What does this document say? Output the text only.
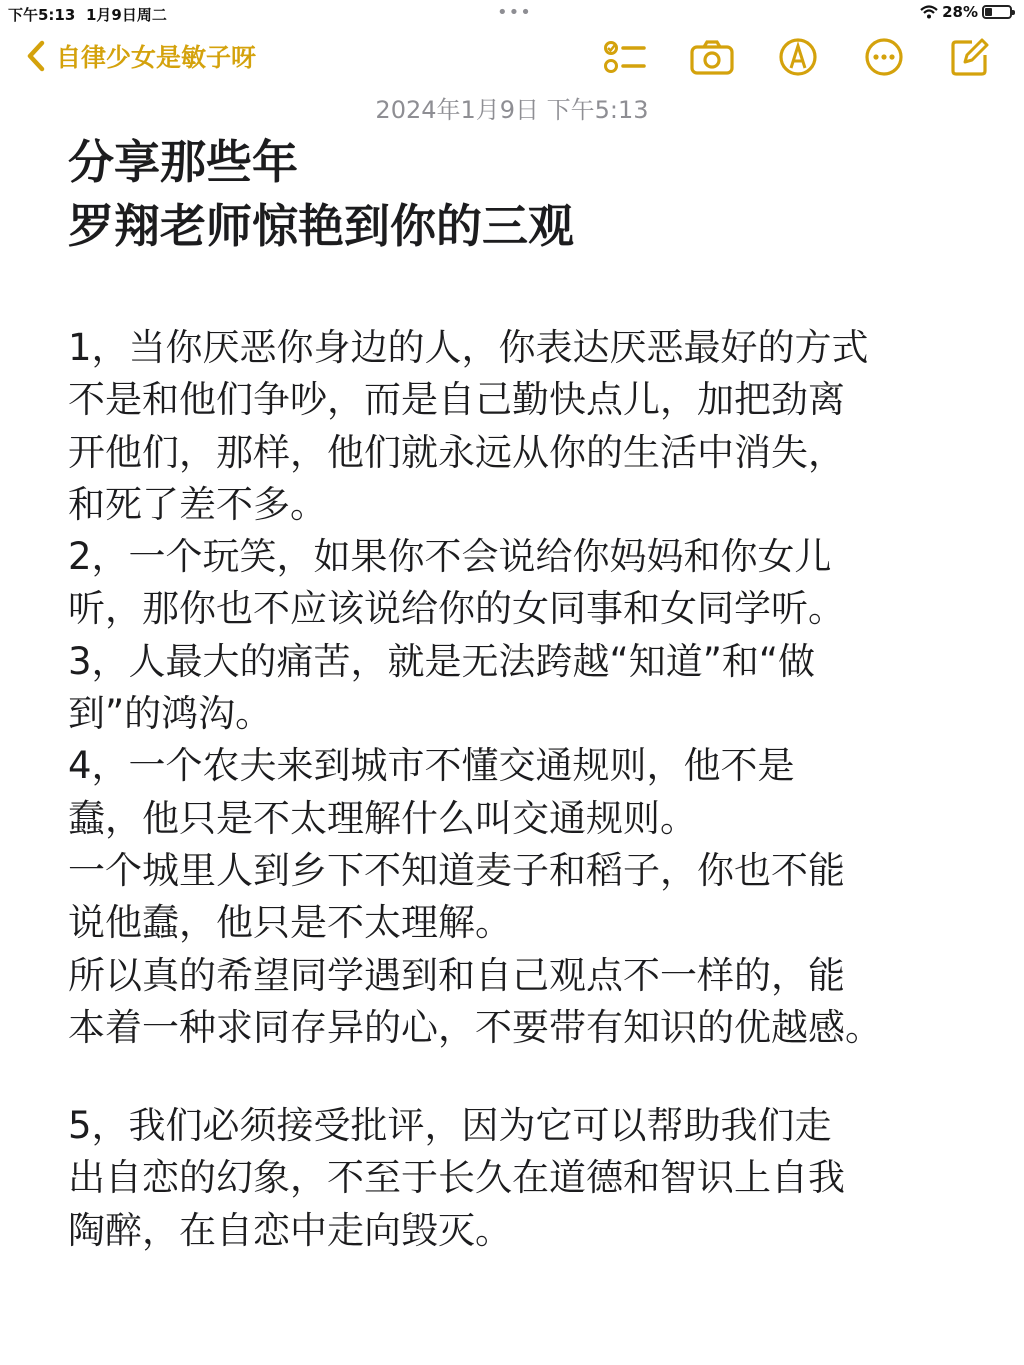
下午5:13 1月9日周二	•••	28%
自律少女是敏子呀
2024年1月9日 下午5:13
分享那些年
罗翔老师惊艳到你的三观
1，当你厌恶你身边的人，你表达厌恶最好的方式
不是和他们争吵，而是自己勤快点儿，加把劲离
开他们，那样，他们就永远从你的生活中消失，
和死了差不多。
2，一个玩笑，如果你不会说给你妈妈和你女儿
听，那你也不应该说给你的女同事和女同学听。
3，人最大的痛苦，就是无法跨越“知道”和“做
到”的鸿沟。
4，一个农夫来到城市不懂交通规则，他不是
蠢，他只是不太理解什么叫交通规则。
一个城里人到乡下不知道麦子和稻子，你也不能
说他蠢，他只是不太理解。
所以真的希望同学遇到和自己观点不一样的，能
本着一种求同存异的心，不要带有知识的优越感。
5，我们必须接受批评，因为它可以帮助我们走
出自恋的幻象，不至于长久在道德和智识上自我
陶醉，在自恋中走向毁灭。
